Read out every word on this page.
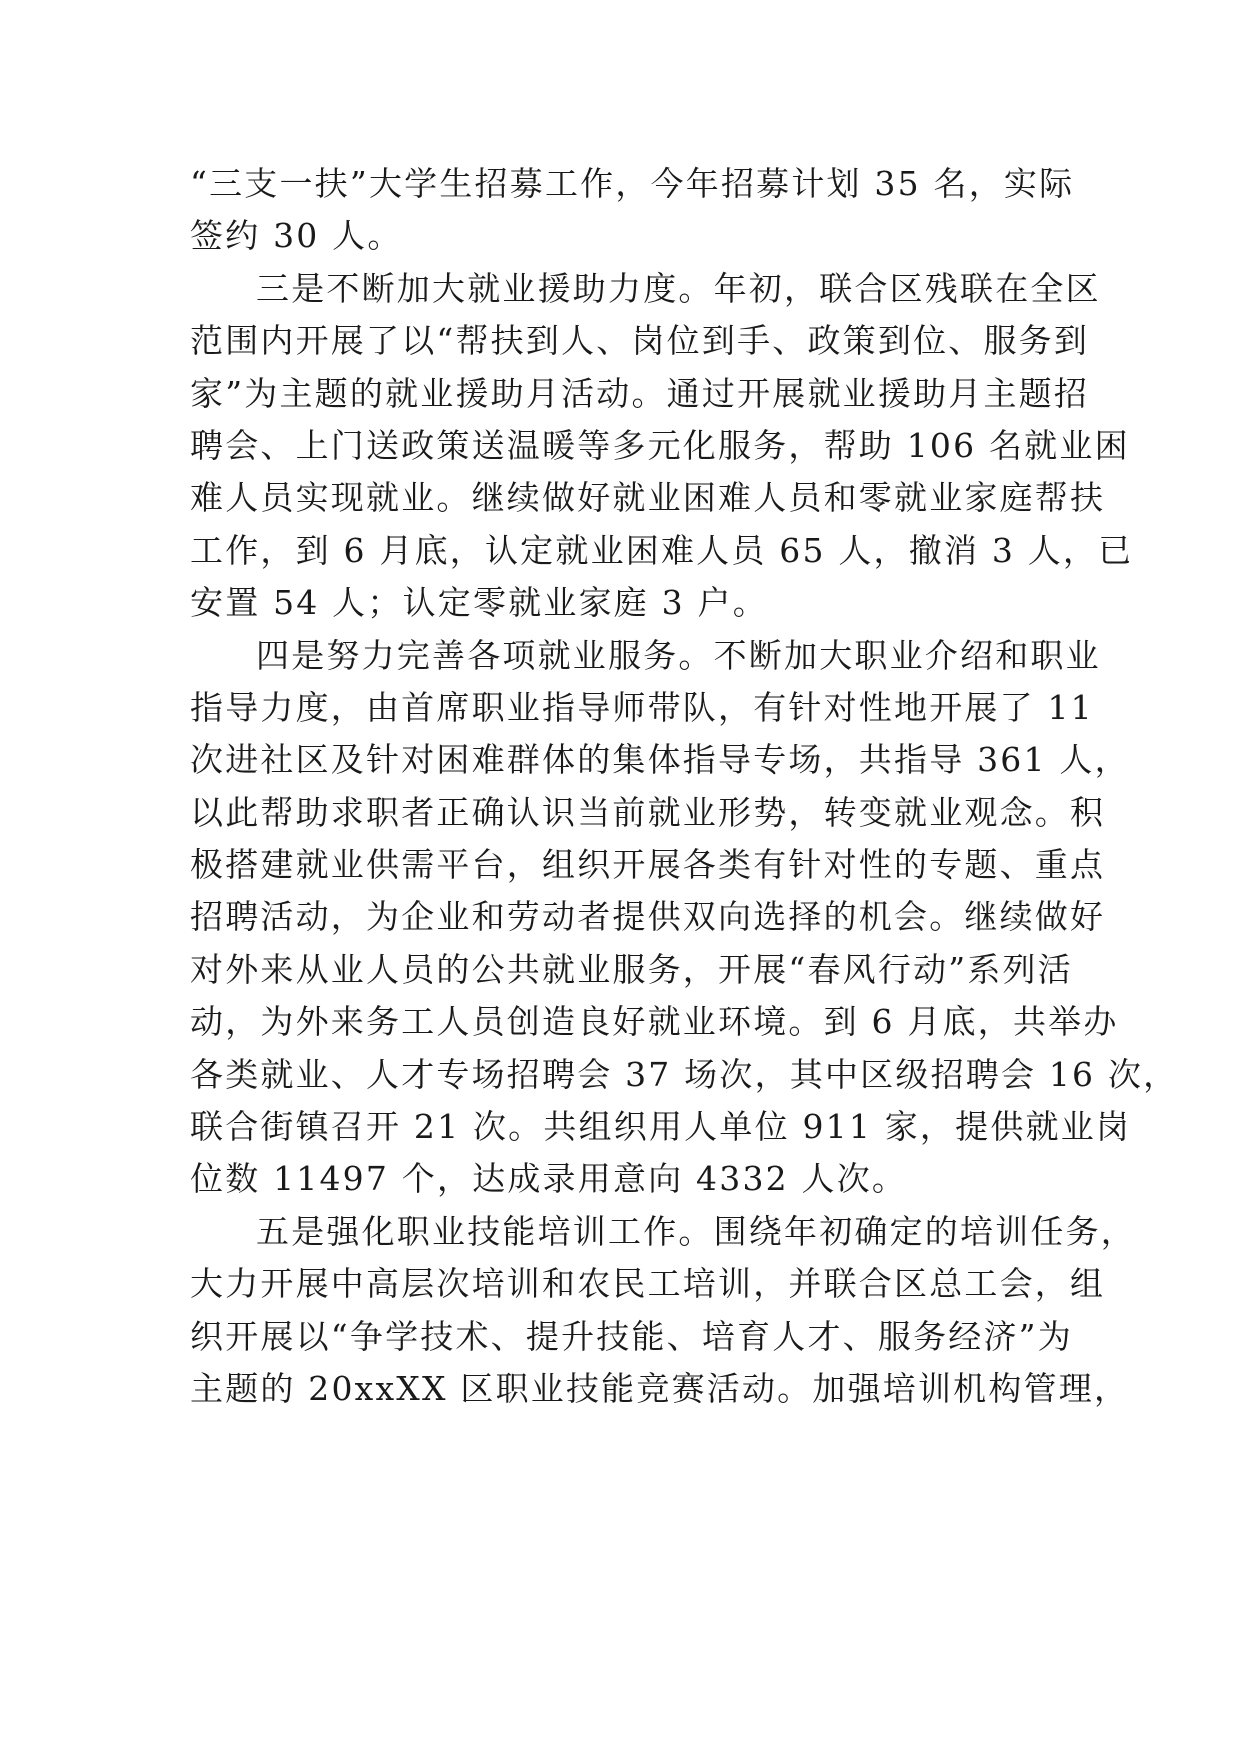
“三支一扶”大学生招募工作，今年招募计划 35 名，实际
签约 30 人。
三是不断加大就业援助力度。年初，联合区残联在全区
范围内开展了以“帮扶到人、岗位到手、政策到位、服务到
家”为主题的就业援助月活动。通过开展就业援助月主题招
聘会、上门送政策送温暖等多元化服务，帮助 106 名就业困
难人员实现就业。继续做好就业困难人员和零就业家庭帮扶
工作，到 6 月底，认定就业困难人员 65 人，撤消 3 人，已
安置 54 人；认定零就业家庭 3 户。
四是努力完善各项就业服务。不断加大职业介绍和职业
指导力度，由首席职业指导师带队，有针对性地开展了 11
次进社区及针对困难群体的集体指导专场，共指导 361 人，
以此帮助求职者正确认识当前就业形势，转变就业观念。积
极搭建就业供需平台，组织开展各类有针对性的专题、重点
招聘活动，为企业和劳动者提供双向选择的机会。继续做好
对外来从业人员的公共就业服务，开展“春风行动”系列活
动，为外来务工人员创造良好就业环境。到 6 月底，共举办
各类就业、人才专场招聘会 37 场次，其中区级招聘会 16 次，
联合街镇召开 21 次。共组织用人单位 911 家，提供就业岗
位数 11497 个，达成录用意向 4332 人次。
五是强化职业技能培训工作。围绕年初确定的培训任务，
大力开展中高层次培训和农民工培训，并联合区总工会，组
织开展以“争学技术、提升技能、培育人才、服务经济”为
主题的 20xxXX 区职业技能竞赛活动。加强培训机构管理，
